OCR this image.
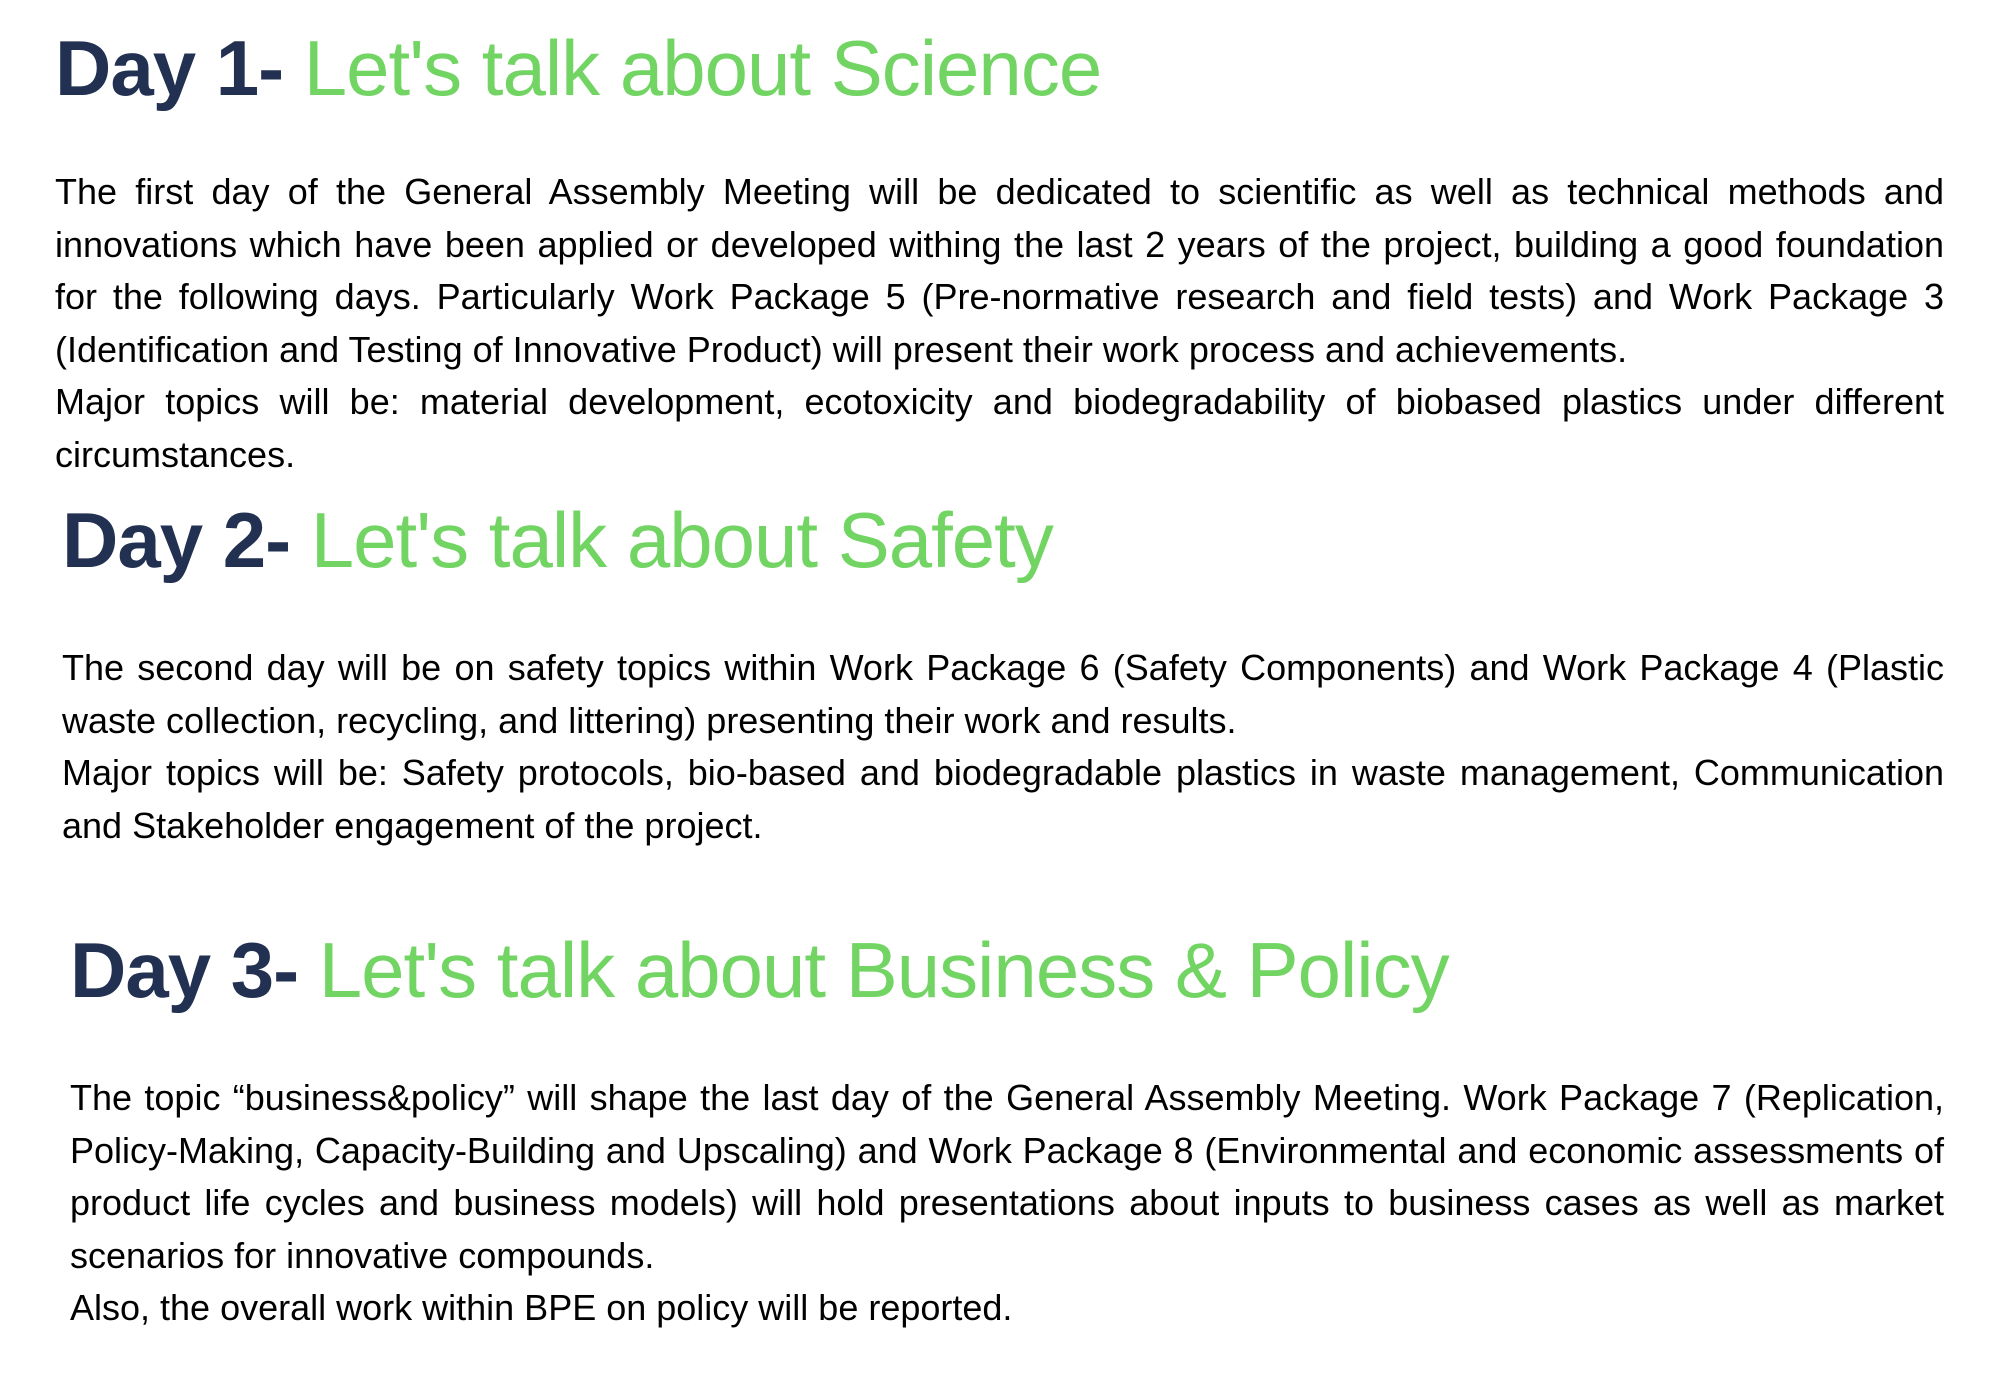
Day 1- Let's talk about Science

The first day of the General Assembly Meeting will be dedicated to scientific as well as technical methods and innovations which have been applied or developed withing the last 2 years of the project, building a good foundation for the following days. Particularly Work Package 5 (Pre-normative research and field tests) and Work Package 3 (Identification and Testing of Innovative Product) will present their work process and achievements.

Major topics will be: material development, ecotoxicity and biodegradability of biobased plastics under different circumstances.

Day 2- Let's talk about Safety

The second day will be on safety topics within Work Package 6 (Safety Components) and Work Package 4 (Plastic waste collection, recycling, and littering) presenting their work and results.

Major topics will be: Safety protocols, bio-based and biodegradable plastics in waste management, Communication and Stakeholder engagement of the project.

Day 3- Let's talk about Business & Policy

The topic “business&policy” will shape the last day of the General Assembly Meeting. Work Package 7 (Replication, Policy-Making, Capacity-Building and Upscaling) and Work Package 8 (Environmental and economic assessments of product life cycles and business models) will hold presentations about inputs to business cases as well as market scenarios for innovative compounds.

Also, the overall work within BPE on policy will be reported.
